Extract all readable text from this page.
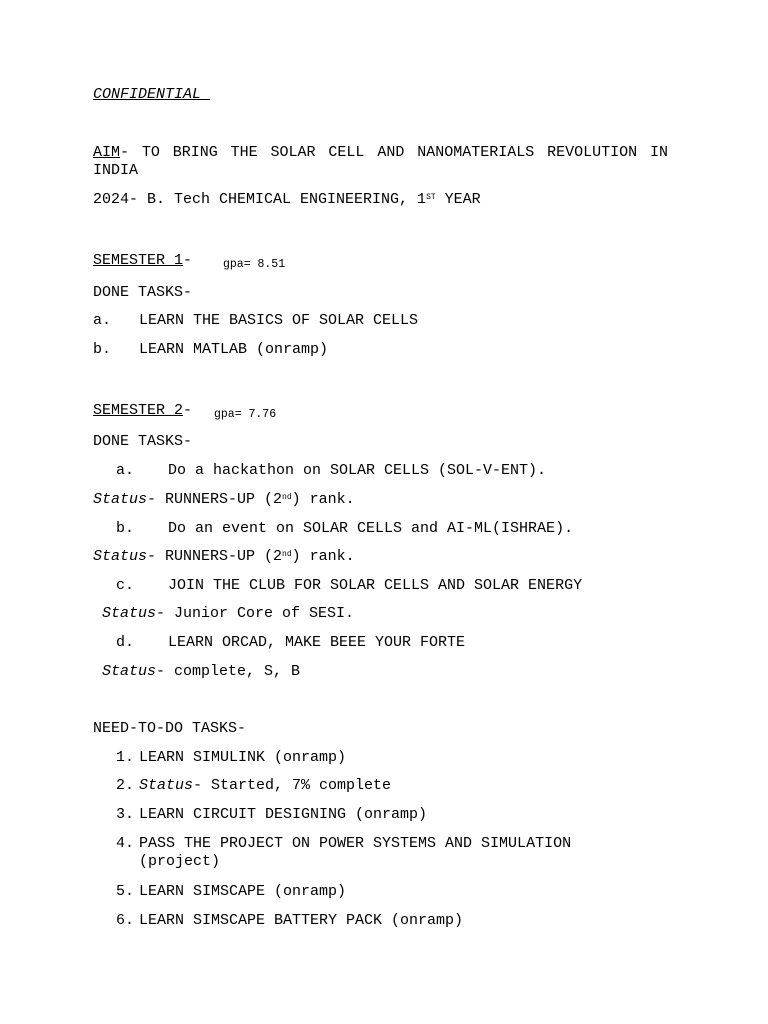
CONFIDENTIAL
AIM- TO BRING THE SOLAR CELL AND NANOMATERIALS REVOLUTION IN INDIA
2024- B. Tech CHEMICAL ENGINEERING, 1ST YEAR
SEMESTER 1-	gpa= 8.51
DONE TASKS-
a. LEARN THE BASICS OF SOLAR CELLS
b. LEARN MATLAB (onramp)
SEMESTER 2- gpa= 7.76
DONE TASKS-
a. Do a hackathon on SOLAR CELLS (SOL-V-ENT).
Status- RUNNERS-UP (2nd) rank.
b. Do an event on SOLAR CELLS and AI-ML(ISHRAE).
Status- RUNNERS-UP (2nd) rank.
c. JOIN THE CLUB FOR SOLAR CELLS AND SOLAR ENERGY
Status- Junior Core of SESI.
d. LEARN ORCAD, MAKE BEEE YOUR FORTE
Status- complete, S, B
NEED-TO-DO TASKS-
1. LEARN SIMULINK (onramp)
2. Status- Started, 7% complete
3. LEARN CIRCUIT DESIGNING (onramp)
4. PASS THE PROJECT ON POWER SYSTEMS AND SIMULATION
(project)
5. LEARN SIMSCAPE (onramp)
6. LEARN SIMSCAPE BATTERY PACK (onramp)
